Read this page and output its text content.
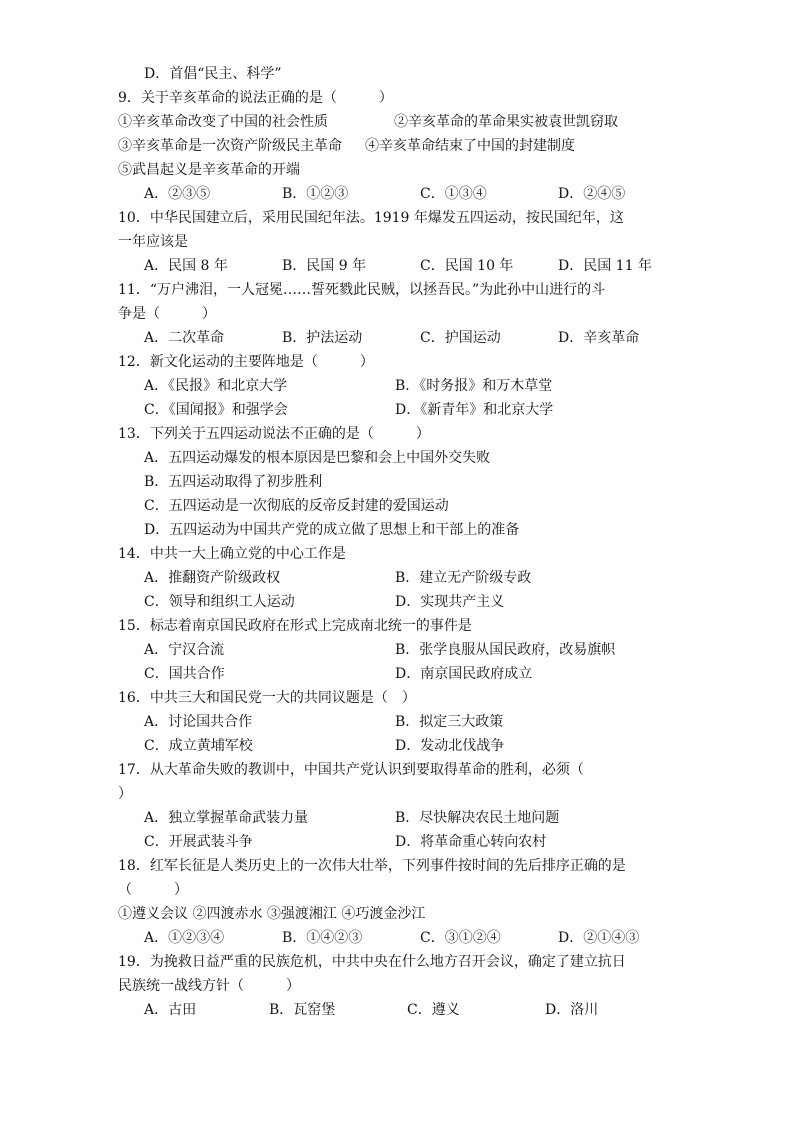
D．首倡“民主、科学”
9．关于辛亥革命的说法正确的是（　　　）
①辛亥革命改变了中国的社会性质	②辛亥革命的革命果实被袁世凯窃取
③辛亥革命是一次资产阶级民主革命	④辛亥革命结束了中国的封建制度
⑤武昌起义是辛亥革命的开端
A．②③⑤	B．①②③	C．①③④	D．②④⑤
10．中华民国建立后，采用民国纪年法。1919 年爆发五四运动，按民国纪年，这
一年应该是
A．民国 8 年	B．民国 9 年	C．民国 10 年	D．民国 11 年
11．“万户沸泪，一人冠冕……誓死戮此民贼，以拯吾民。”为此孙中山进行的斗
争是（　　　）
A．二次革命	B．护法运动	C．护国运动	D．辛亥革命
12．新文化运动的主要阵地是（　　　）
A．《民报》和北京大学	B．《时务报》和万木草堂
C．《国闻报》和强学会	D．《新青年》和北京大学
13．下列关于五四运动说法不正确的是（　　　）
A．五四运动爆发的根本原因是巴黎和会上中国外交失败
B．五四运动取得了初步胜利
C．五四运动是一次彻底的反帝反封建的爱国运动
D．五四运动为中国共产党的成立做了思想上和干部上的准备
14．中共一大上确立党的中心工作是
A．推翻资产阶级政权	B．建立无产阶级专政
C．领导和组织工人运动	D．实现共产主义
15．标志着南京国民政府在形式上完成南北统一的事件是
A．宁汉合流	B．张学良服从国民政府，改易旗帜
C．国共合作	D．南京国民政府成立
16．中共三大和国民党一大的共同议题是（　）
A．讨论国共合作	B．拟定三大政策
C．成立黄埔军校	D．发动北伐战争
17．从大革命失败的教训中，中国共产党认识到要取得革命的胜利，必须（
）
A．独立掌握革命武装力量	B．尽快解决农民土地问题
C．开展武装斗争	D．将革命重心转向农村
18．红军长征是人类历史上的一次伟大壮举，下列事件按时间的先后排序正确的是
（　　　）
①遵义会议 ②四渡赤水 ③强渡湘江 ④巧渡金沙江
A．①②③④	B．①④②③	C．③①②④	D．②①④③
19．为挽救日益严重的民族危机，中共中央在什么地方召开会议，确定了建立抗日
民族统一战线方针（　　　）
A．古田	B．瓦窑堡	C．遵义	D．洛川
